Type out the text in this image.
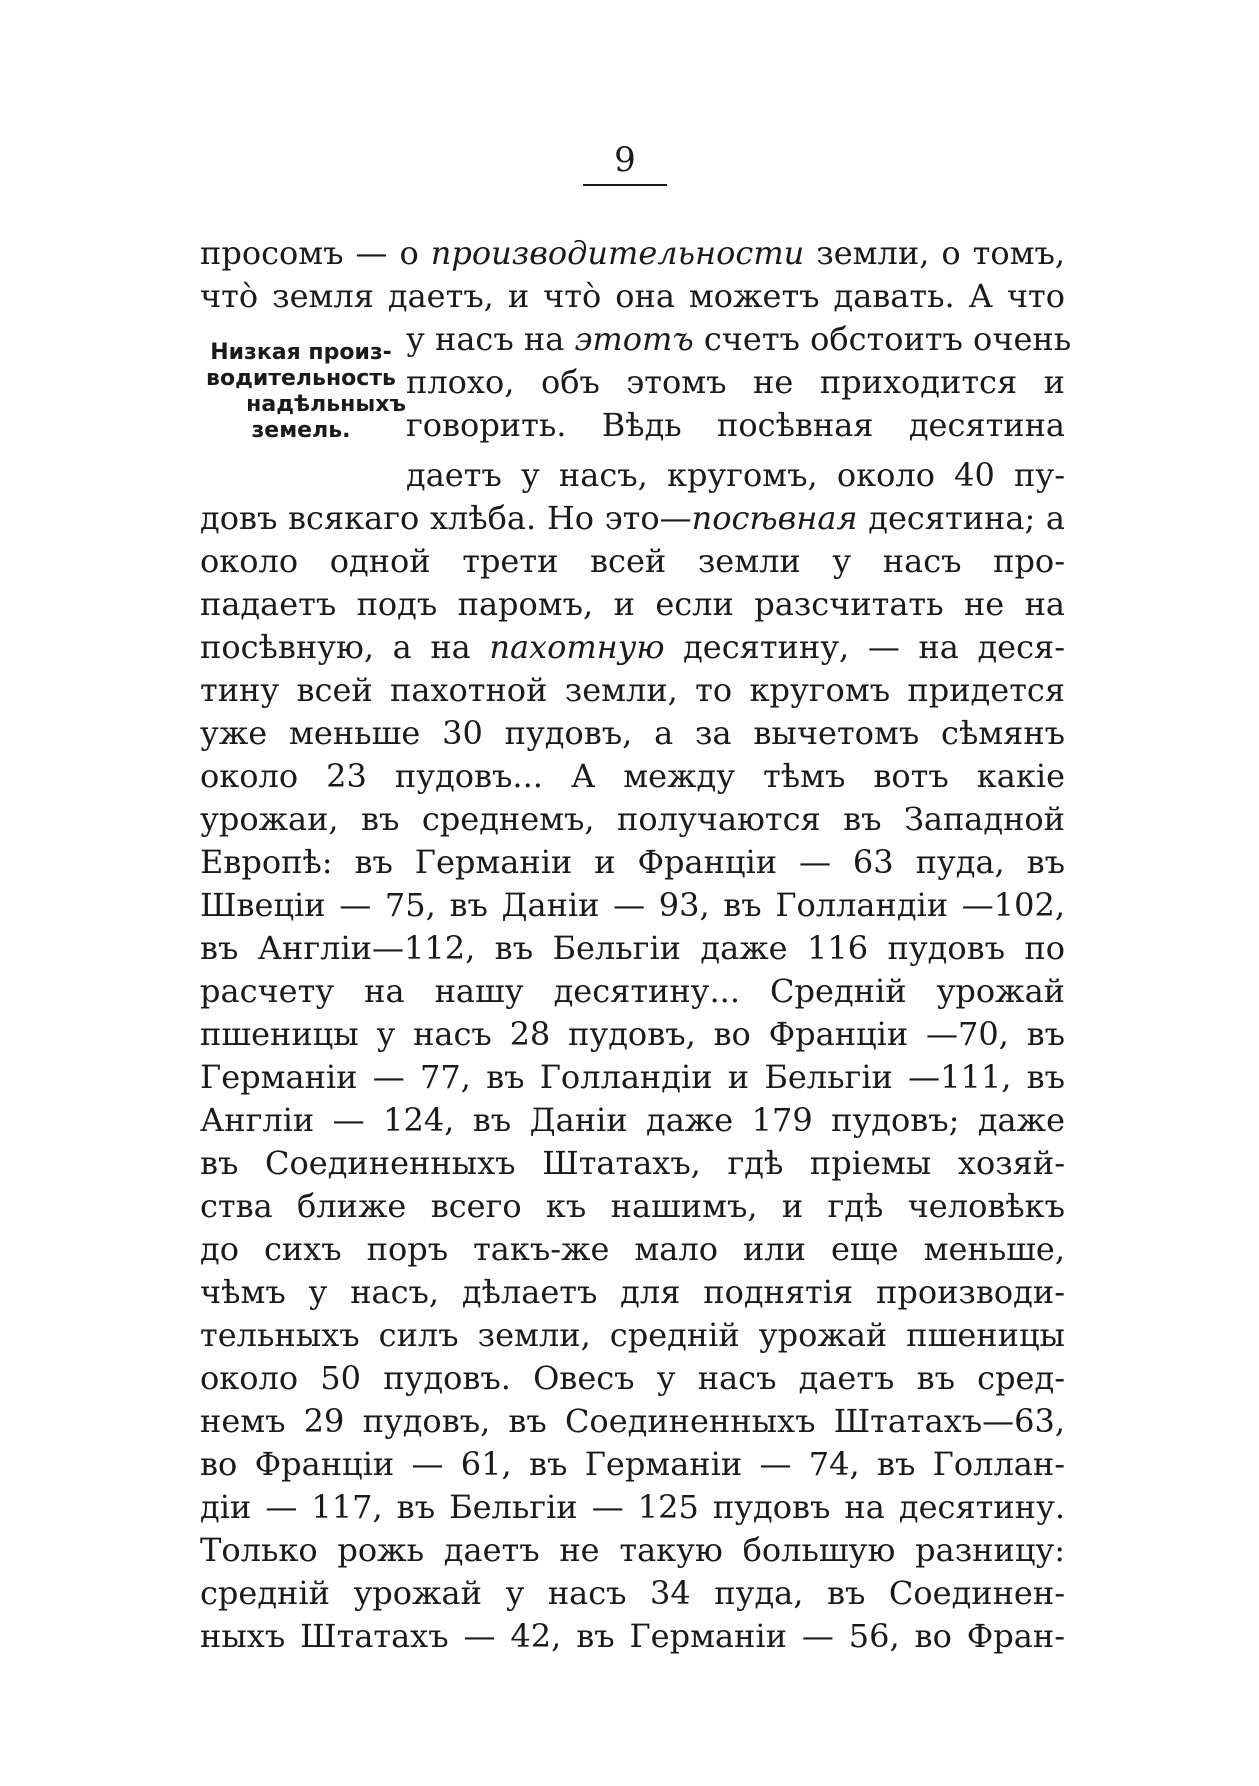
9
Низкая произ-
водительность
надѣльныхъ
земель.
просомъ — о производительности земли, о томъ,
что̀ земля даетъ, и что̀ она можетъ давать. А что
у насъ на этотъ счетъ обстоитъ очень
плохо, объ этомъ не приходится и
говорить. Вѣдь посѣвная десятина
даетъ у насъ, кругомъ, около 40 пу-
довъ всякаго хлѣба. Но это—посѣвная десятина; а
около одной трети всей земли у насъ про-
падаетъ подъ паромъ, и если разсчитать не на
посѣвную, а на пахотную десятину, — на деся-
тину всей пахотной земли, то кругомъ придется
уже меньше 30 пудовъ, а за вычетомъ сѣмянъ
около 23 пудовъ... А между тѣмъ вотъ какіе
урожаи, въ среднемъ, получаются въ Западной
Европѣ: въ Германіи и Франціи — 63 пуда, въ
Швеціи — 75, въ Даніи — 93, въ Голландіи —102,
въ Англіи—112, въ Бельгіи даже 116 пудовъ по
расчету на нашу десятину... Средній урожай
пшеницы у насъ 28 пудовъ, во Франціи —70, въ
Германіи — 77, въ Голландіи и Бельгіи —111, въ
Англіи — 124, въ Даніи даже 179 пудовъ; даже
въ Соединенныхъ Штатахъ, гдѣ пріемы хозяй-
ства ближе всего къ нашимъ, и гдѣ человѣкъ
до сихъ поръ такъ-же мало или еще меньше,
чѣмъ у насъ, дѣлаетъ для поднятія производи-
тельныхъ силъ земли, средній урожай пшеницы
около 50 пудовъ. Овесъ у насъ даетъ въ сред-
немъ 29 пудовъ, въ Соединенныхъ Штатахъ—63,
во Франціи — 61, въ Германіи — 74, въ Голлан-
діи — 117, въ Бельгіи — 125 пудовъ на десятину.
Только рожь даетъ не такую большую разницу:
средній урожай у насъ 34 пуда, въ Соединен-
ныхъ Штатахъ — 42, въ Германіи — 56, во Фран-
